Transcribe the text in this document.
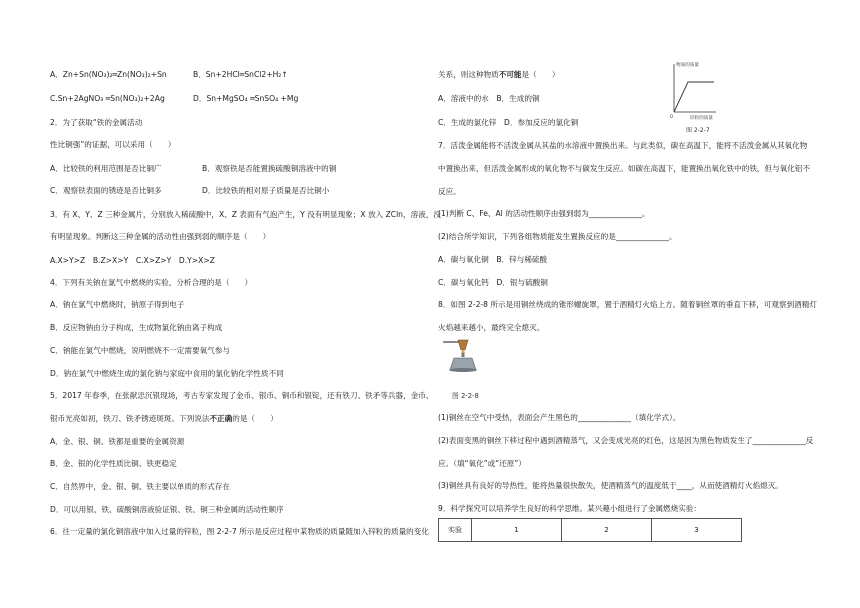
A．Zn+Sn(NO₃)₂═Zn(NO₃)₂+Sn	B．Sn+2HCl═SnCl2+H₂↑
C.Sn+2AgNO₃ ═Sn(NO₃)₂+2Ag	D．Sn+MgSO₄ ═SnSO₄ +Mg
2．为了获取“铁的金属活动
性比铜强”的证据，可以采用（　　）
A．比较铁的利用范围是否比铜广	B．观察铁是否能置换硫酸铜溶液中的铜
C．观察铁表面的锈迹是否比铜多	D．比较铁的相对原子质量是否比铜小
3．有 X、Y、Z 三种金属片，分别放入稀硫酸中，X、Z 表面有气泡产生，Y 没有明显现象；X 放入 ZCln，溶液，没
有明显现象。判断这三种金属的活动性由强到弱的顺序是（　　）
A.X>Y>Z　B.Z>X>Y　C.X>Z>Y　D.Y>X>Z
4．下列有关钠在氯气中燃烧的实验，分析合理的是（　　）
A．钠在氯气中燃烧时，钠原子得到电子
B．反应物钠由分子构成，生成物氯化钠由离子构成
C．钠能在氯气中燃烧，说明燃烧不一定需要氧气参与
D．钠在氯气中燃烧生成的氯化钠与家庭中食用的氯化钠化学性质不同
5．2017 年春季，在张献忠沉银现场，考古专家发现了金币、银币、铜币和银锭，还有铁刀、铁矛等兵器，金币、
银币光亮如初，铁刀、铁矛锈迹斑斑。下列说法不正确的是（　　）
A．金、银、铜、铁都是重要的金属资源
B．金、银的化学性质比铜、铁更稳定
C．自然界中，金、银、铜、铁主要以单质的形式存在
D．可以用银、铁、硫酸铜溶液验证银、铁、铜三种金属的活动性顺序
6．往一定量的氯化铜溶液中加入过量的锌粒，图 2-2-7 所示是反应过程中某物质的质量随加入锌粒的质量的变化
关系，则这种物质不可能是（　　）
A．溶液中的水　B．生成的铜
C．生成的氯化锌　D．参加反应的氯化铜
物质的质量
锌粒的质量
0
图 2-2-7
7．活泼金属能将不活泼金属从其盐的水溶液中置换出来。与此类似，碳在高温下，能将不活泼金属从其氧化物
中置换出来，但活泼金属形成的氧化物不与碳发生反应。如碳在高温下，能置换出氧化铁中的铁，但与氧化铝不
反应。
(1)判断 C、Fe、Al 的活动性顺序由强到弱为______________。
(2)结合所学知识，下列各组物质能发生置换反应的是______________。
A．碳与氧化铜　B．锌与稀硫酸
C．碳与氧化钙　D．银与硫酸铜
8．如图 2-2-8 所示是用铜丝绕成的锥形螺旋罩，置于酒精灯火焰上方。随着铜丝罩的垂直下移，可观察到酒精灯
火焰越来越小，最终完全熄灭。
图 2-2-8
(1)铜丝在空气中受热，表面会产生黑色的______________（填化学式）。
(2)表面变黑的铜丝下移过程中遇到酒精蒸气，又会变成光亮的红色，这是因为黑色物质发生了______________反
应。（填“氧化”或“还原”）
(3)铜丝具有良好的导热性，能将热量很快散失，使酒精蒸气的温度低于____，从而使酒精灯火焰熄灭。
9．科学探究可以培养学生良好的科学思维。某兴趣小组进行了金属燃烧实验：
实验	1	2	3
